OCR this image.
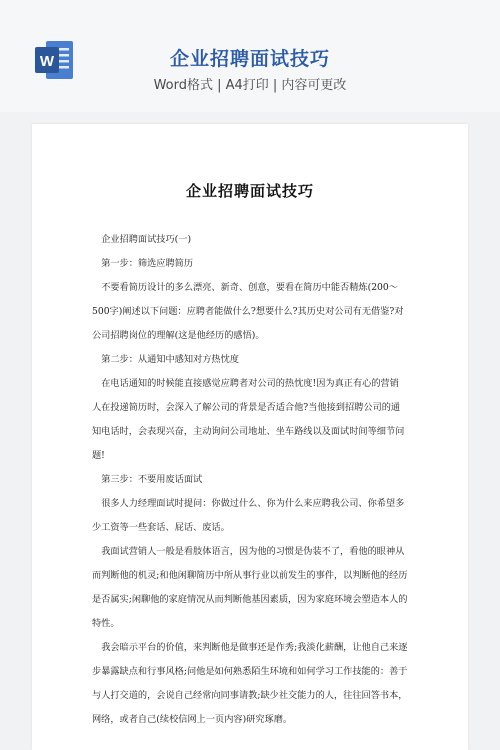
W	企业招聘面试技巧
Word格式 | A4打印 | 内容可更改
企业招聘面试技巧

企业招聘面试技巧(一)

第一步：筛选应聘简历

不要看简历设计的多么漂亮、新奇、创意，要看在简历中能否精炼(200～500字)阐述以下问题：应聘者能做什么?想要什么?其历史对公司有无借鉴?对公司招聘岗位的理解(这是他经历的感悟)。

第二步：从通知中感知对方热忱度

在电话通知的时候能直接感觉应聘者对公司的热忱度!因为真正有心的营销人在投递简历时，会深入了解公司的背景是否适合他?当他接到招聘公司的通知电话时，会表现兴奋，主动询问公司地址、坐车路线以及面试时间等细节问题!

第三步：不要用废话面试

很多人力经理面试时提问：你做过什么、你为什么来应聘我公司、你希望多少工资等一些套话、屁话、废话。

我面试营销人一般是看肢体语言，因为他的习惯是伪装不了，看他的眼神从而判断他的机灵;和他闲聊简历中所从事行业以前发生的事件，以判断他的经历是否属实;闲聊他的家庭情况从而判断他基因素质，因为家庭环境会塑造本人的特性。

我会暗示平台的价值，来判断他是做事还是作秀;我淡化薪酬，让他自己来逐步暴露缺点和行事风格;问他是如何熟悉陌生环境和如何学习工作技能的：善于与人打交道的，会说自己经常向同事请教;缺少社交能力的人，往往回答书本，网络，或者自己(续校信网上一页内容)研究琢磨。
